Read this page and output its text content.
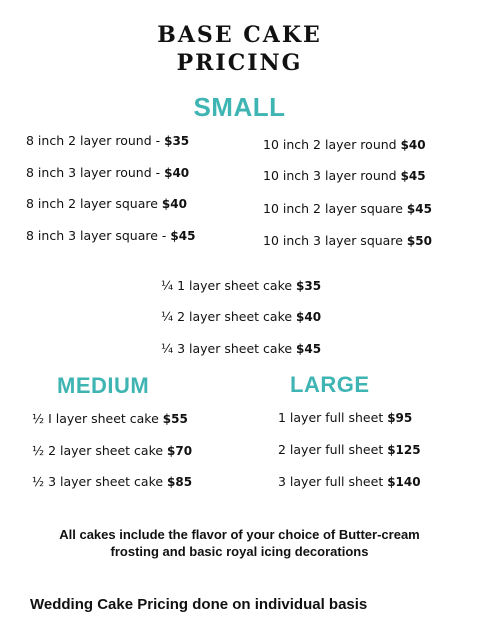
BASE CAKE
PRICING
SMALL
8 inch 2 layer round - $35
8 inch 3 layer round - $40
8 inch 2 layer square $40
8 inch 3 layer square - $45
10 inch 2 layer round $40
10 inch 3 layer round $45
10 inch 2 layer square $45
10 inch 3 layer square $50
¼ 1 layer sheet cake $35
¼ 2 layer sheet cake $40
¼ 3 layer sheet cake $45
MEDIUM	LARGE
½ I layer sheet cake $55
½ 2 layer sheet cake $70
½ 3 layer sheet cake $85
1 layer full sheet $95
2 layer full sheet $125
3 layer full sheet $140
All cakes include the flavor of your choice of Butter-cream
frosting and basic royal icing decorations
Wedding Cake Pricing done on individual basis
